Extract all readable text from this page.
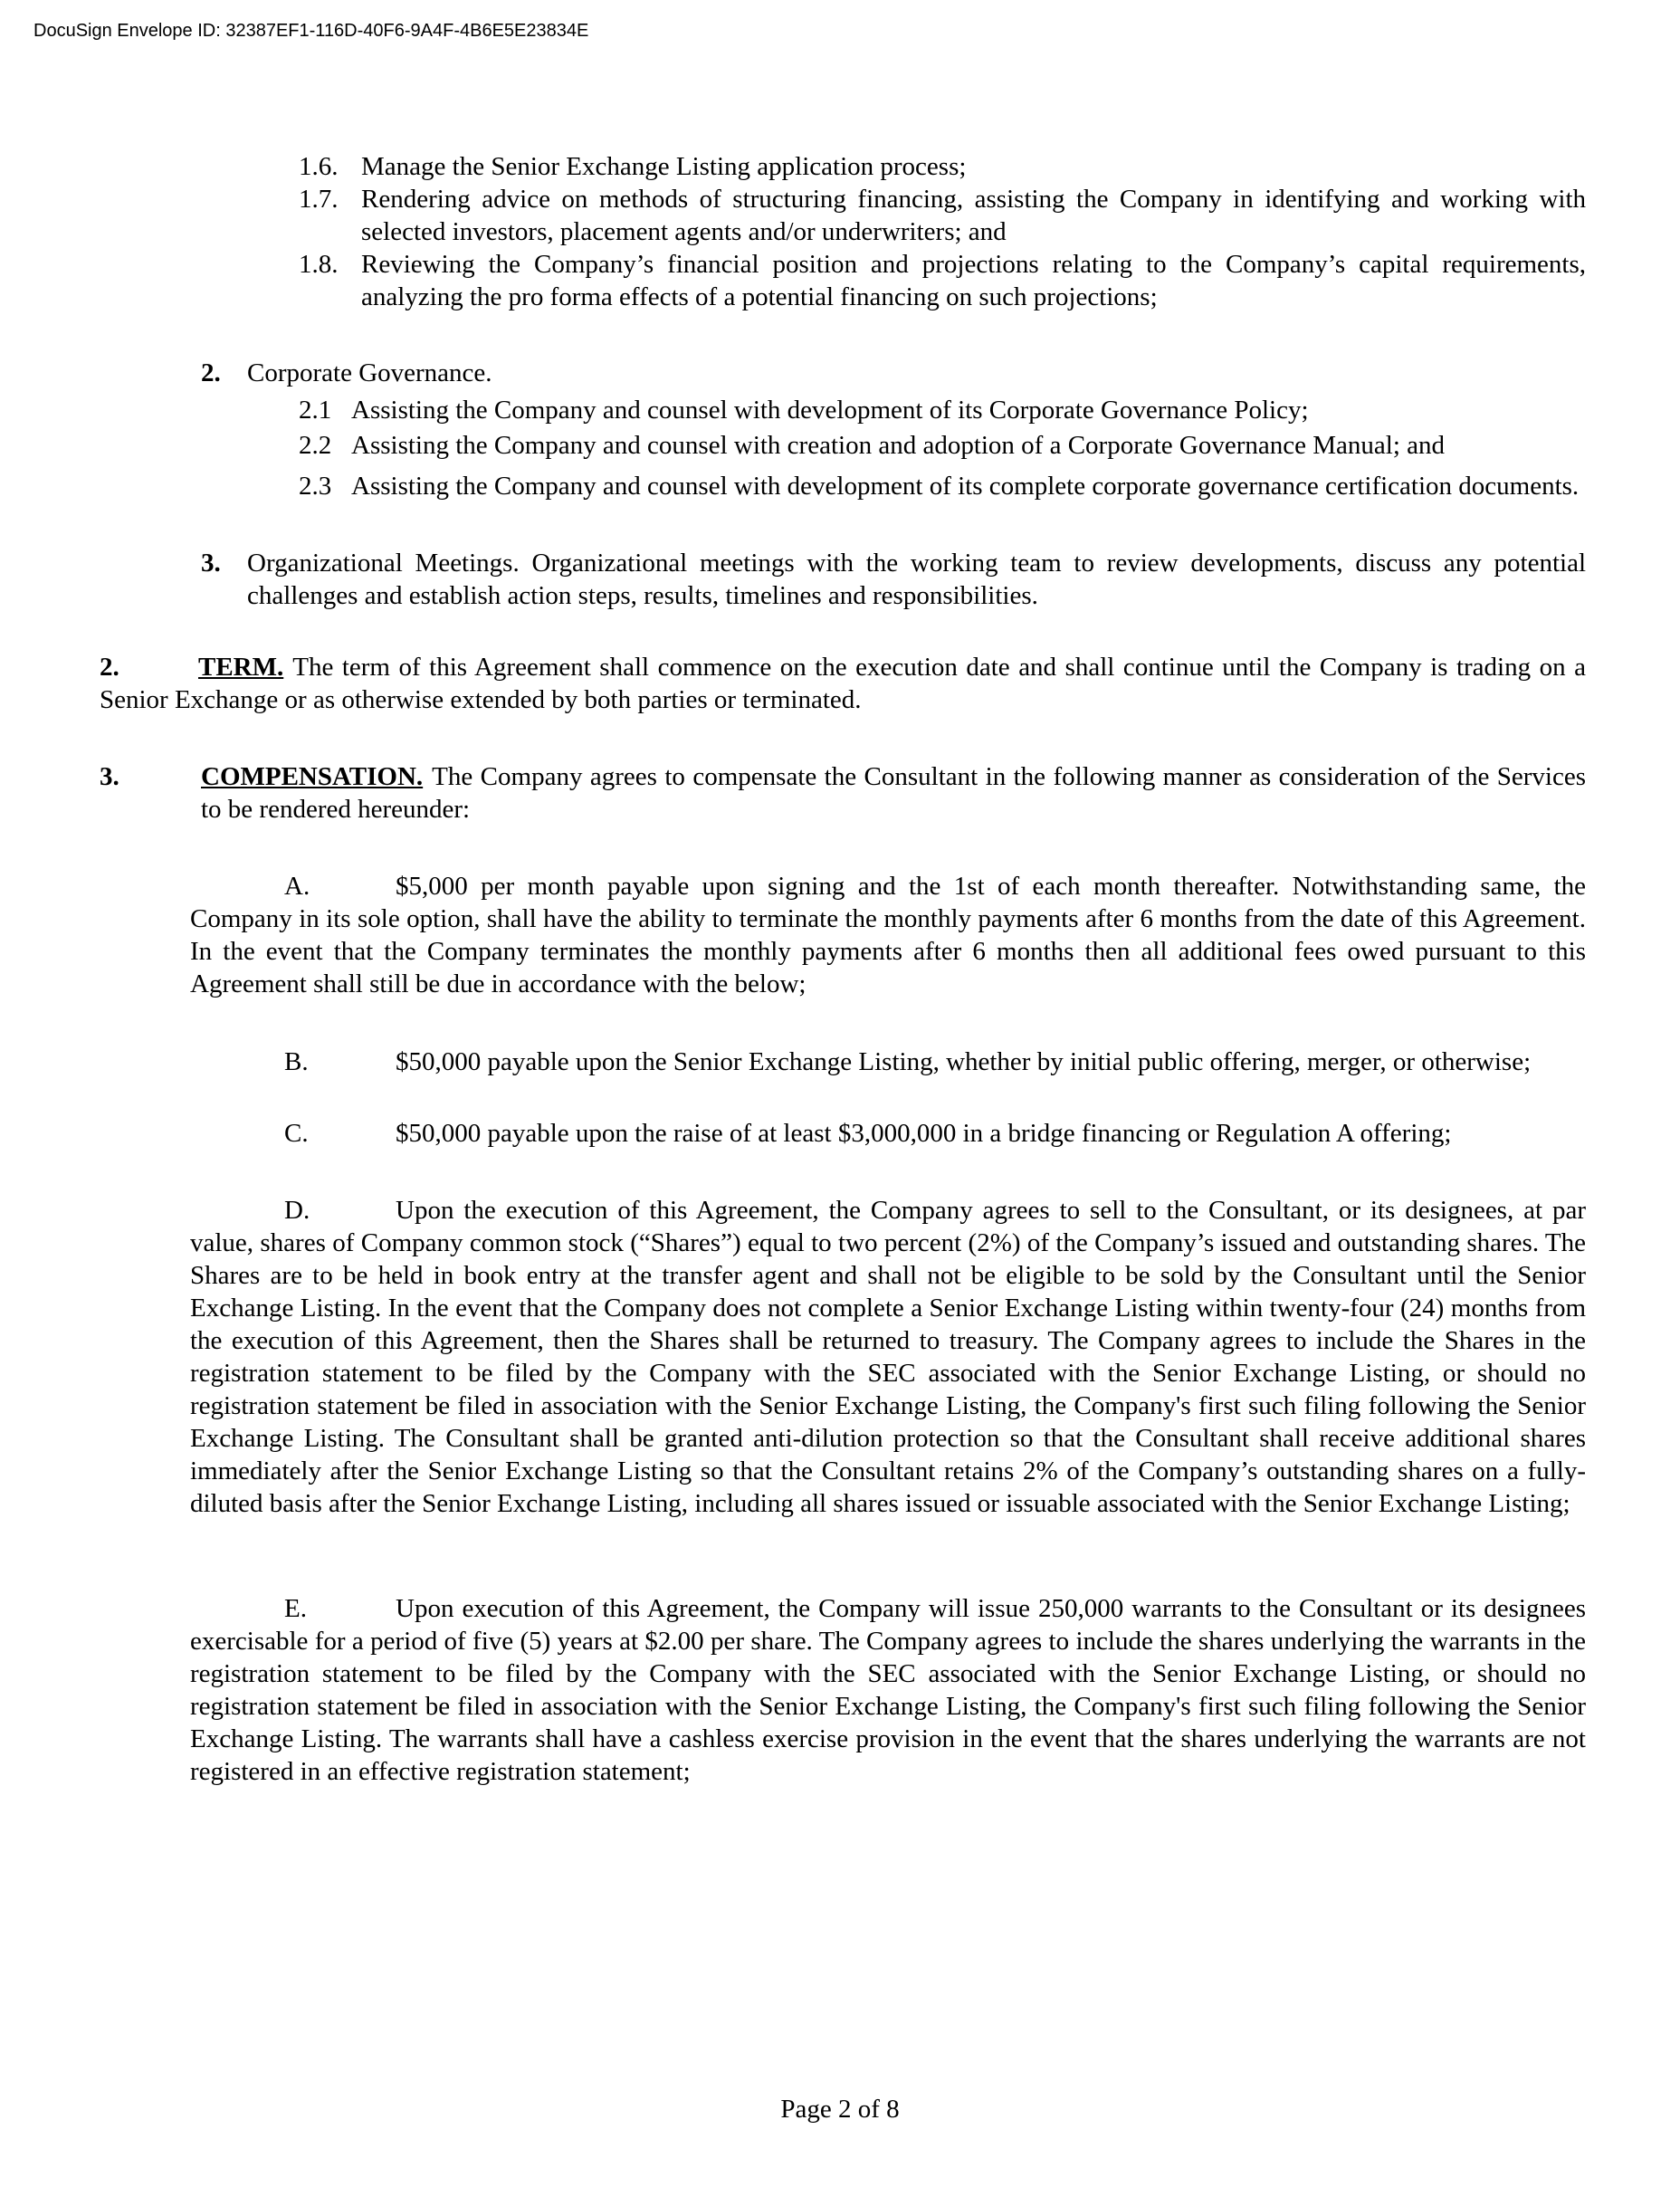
DocuSign Envelope ID: 32387EF1-116D-40F6-9A4F-4B6E5E23834E

1.6. Manage the Senior Exchange Listing application process;

1.7. Rendering advice on methods of structuring financing, assisting the Company in identifying and working with selected investors, placement agents and/or underwriters; and

1.8. Reviewing the Company’s financial position and projections relating to the Company’s capital requirements, analyzing the pro forma effects of a potential financing on such projections;

2. Corporate Governance.

2.1 Assisting the Company and counsel with development of its Corporate Governance Policy;

2.2 Assisting the Company and counsel with creation and adoption of a Corporate Governance Manual; and

2.3 Assisting the Company and counsel with development of its complete corporate governance certification documents.

3. Organizational Meetings. Organizational meetings with the working team to review developments, discuss any potential challenges and establish action steps, results, timelines and responsibilities.

2.	TERM. The term of this Agreement shall commence on the execution date and shall continue until the Company is trading on a Senior Exchange or as otherwise extended by both parties or terminated.

3.	COMPENSATION. The Company agrees to compensate the Consultant in the following manner as consideration of the Services to be rendered hereunder:

A.	$5,000 per month payable upon signing and the 1st of each month thereafter. Notwithstanding same, the Company in its sole option, shall have the ability to terminate the monthly payments after 6 months from the date of this Agreement. In the event that the Company terminates the monthly payments after 6 months then all additional fees owed pursuant to this Agreement shall still be due in accordance with the below;

B.	$50,000 payable upon the Senior Exchange Listing, whether by initial public offering, merger, or otherwise;

C.	$50,000 payable upon the raise of at least $3,000,000 in a bridge financing or Regulation A offering;

D.	Upon the execution of this Agreement, the Company agrees to sell to the Consultant, or its designees, at par value, shares of Company common stock (“Shares”) equal to two percent (2%) of the Company’s issued and outstanding shares. The Shares are to be held in book entry at the transfer agent and shall not be eligible to be sold by the Consultant until the Senior Exchange Listing. In the event that the Company does not complete a Senior Exchange Listing within twenty-four (24) months from the execution of this Agreement, then the Shares shall be returned to treasury. The Company agrees to include the Shares in the registration statement to be filed by the Company with the SEC associated with the Senior Exchange Listing, or should no registration statement be filed in association with the Senior Exchange Listing, the Company's first such filing following the Senior Exchange Listing. The Consultant shall be granted anti-dilution protection so that the Consultant shall receive additional shares immediately after the Senior Exchange Listing so that the Consultant retains 2% of the Company’s outstanding shares on a fully-diluted basis after the Senior Exchange Listing, including all shares issued or issuable associated with the Senior Exchange Listing;

E.	Upon execution of this Agreement, the Company will issue 250,000 warrants to the Consultant or its designees exercisable for a period of five (5) years at $2.00 per share. The Company agrees to include the shares underlying the warrants in the registration statement to be filed by the Company with the SEC associated with the Senior Exchange Listing, or should no registration statement be filed in association with the Senior Exchange Listing, the Company's first such filing following the Senior Exchange Listing. The warrants shall have a cashless exercise provision in the event that the shares underlying the warrants are not registered in an effective registration statement;

Page 2 of 8
